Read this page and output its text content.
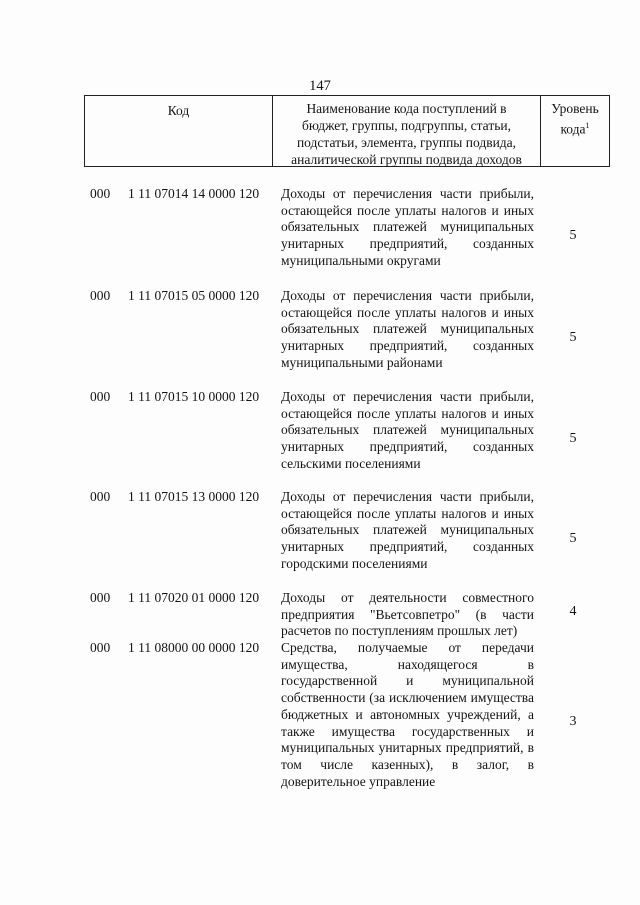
147
Код	Наименование кода поступлений в
бюджет, группы, подгруппы, статьи,
подстатьи, элемента, группы подвида,
аналитической группы подвида доходов
Уровень кода$^1$
000 1 11 07014 14 0000 120 Доходы от перечисления части прибыли, остающейся после уплаты налогов и иных обязательных платежей муниципальных унитарных предприятий, созданных муниципальными округами
5
000 1 11 07015 05 0000 120 Доходы от перечисления части прибыли, остающейся после уплаты налогов и иных обязательных платежей муниципальных унитарных предприятий, созданных муниципальными районами
5
000 1 11 07015 10 0000 120 Доходы от перечисления части прибыли, остающейся после уплаты налогов и иных обязательных платежей муниципальных унитарных предприятий, созданных сельскими поселениями
5
000 1 11 07015 13 0000 120 Доходы от перечисления части прибыли, остающейся после уплаты налогов и иных обязательных платежей муниципальных унитарных предприятий, созданных городскими поселениями
5
000 1 11 07020 01 0000 120 Доходы от деятельности совместного предприятия "Вьетсовпетро" (в части расчетов по поступлениям прошлых лет)
4
000 1 11 08000 00 0000 120 Средства, получаемые от передачи имущества, находящегося в государственной и муниципальной собственности (за исключением имущества бюджетных и автономных учреждений, а также имущества государственных и муниципальных унитарных предприятий, в том числе казенных), в залог, в доверительное управление
3
